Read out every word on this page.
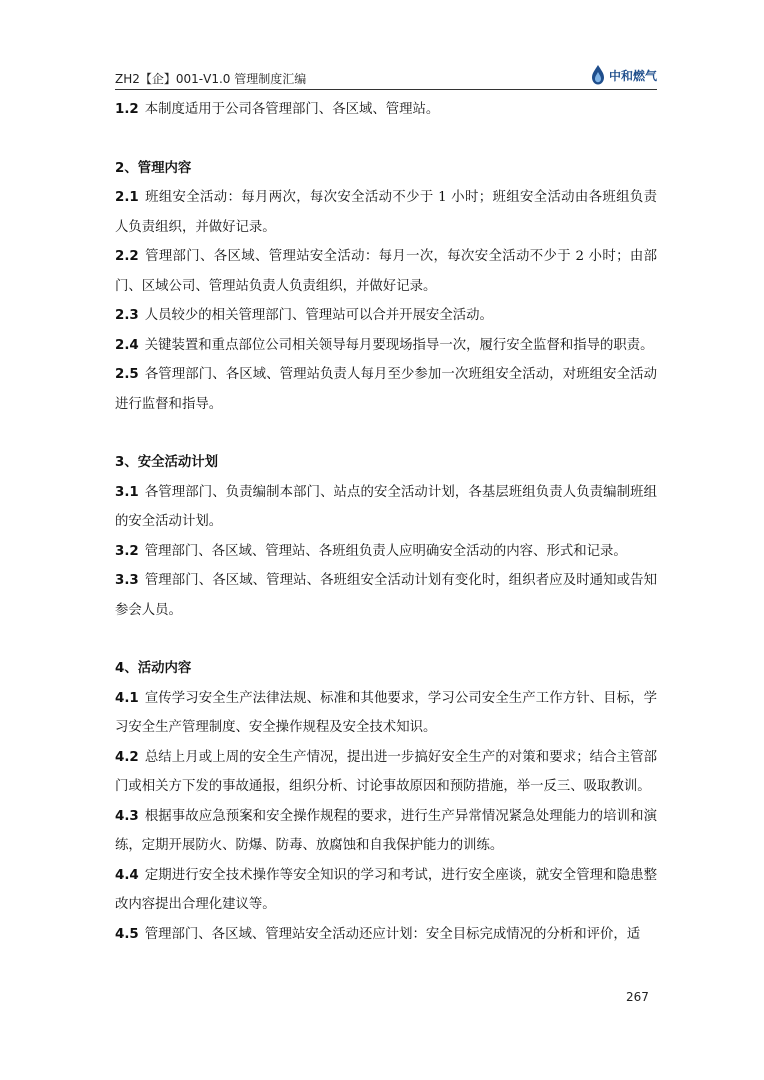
ZH2【企】001-V1.0 管理制度汇编	中和燃气

1.2 本制度适用于公司各管理部门、各区域、管理站。

2、管理内容

2.1 班组安全活动：每月两次，每次安全活动不少于 1 小时；班组安全活动由各班组负责人负责组织，并做好记录。

2.2 管理部门、各区域、管理站安全活动：每月一次，每次安全活动不少于 2 小时；由部门、区域公司、管理站负责人负责组织，并做好记录。

2.3 人员较少的相关管理部门、管理站可以合并开展安全活动。

2.4 关键装置和重点部位公司相关领导每月要现场指导一次，履行安全监督和指导的职责。

2.5 各管理部门、各区域、管理站负责人每月至少参加一次班组安全活动，对班组安全活动进行监督和指导。

3、安全活动计划

3.1 各管理部门、负责编制本部门、站点的安全活动计划，各基层班组负责人负责编制班组的安全活动计划。

3.2 管理部门、各区域、管理站、各班组负责人应明确安全活动的内容、形式和记录。

3.3 管理部门、各区域、管理站、各班组安全活动计划有变化时，组织者应及时通知或告知参会人员。

4、活动内容

4.1 宣传学习安全生产法律法规、标准和其他要求，学习公司安全生产工作方针、目标，学习安全生产管理制度、安全操作规程及安全技术知识。

4.2 总结上月或上周的安全生产情况，提出进一步搞好安全生产的对策和要求；结合主管部门或相关方下发的事故通报，组织分析、讨论事故原因和预防措施，举一反三、吸取教训。

4.3 根据事故应急预案和安全操作规程的要求，进行生产异常情况紧急处理能力的培训和演练，定期开展防火、防爆、防毒、放腐蚀和自我保护能力的训练。

4.4 定期进行安全技术操作等安全知识的学习和考试，进行安全座谈，就安全管理和隐患整改内容提出合理化建议等。

4.5 管理部门、各区域、管理站安全活动还应计划：安全目标完成情况的分析和评价，适

267
